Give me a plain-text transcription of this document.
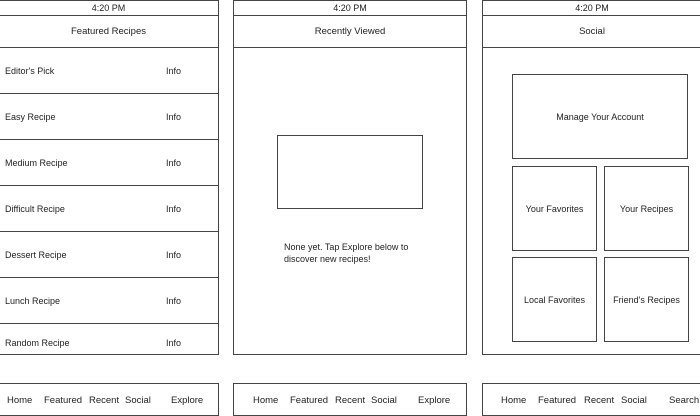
4:20 PM
Featured Recipes
Editor's Pick	Info
Easy Recipe	Info
Medium Recipe	Info
Difficult Recipe	Info
Dessert Recipe	Info
Lunch Recipe	Info
Random Recipe	Info
4:20 PM
Recently Viewed
None yet. Tap Explore below to discover new recipes!
4:20 PM
Social
Manage Your Account
Your Favorites	Your Recipes
Local Favorites	Friend's Recipes
Home Featured Recent Social Explore	Home Featured Recent Social Explore	Home Featured Recent Social Search
